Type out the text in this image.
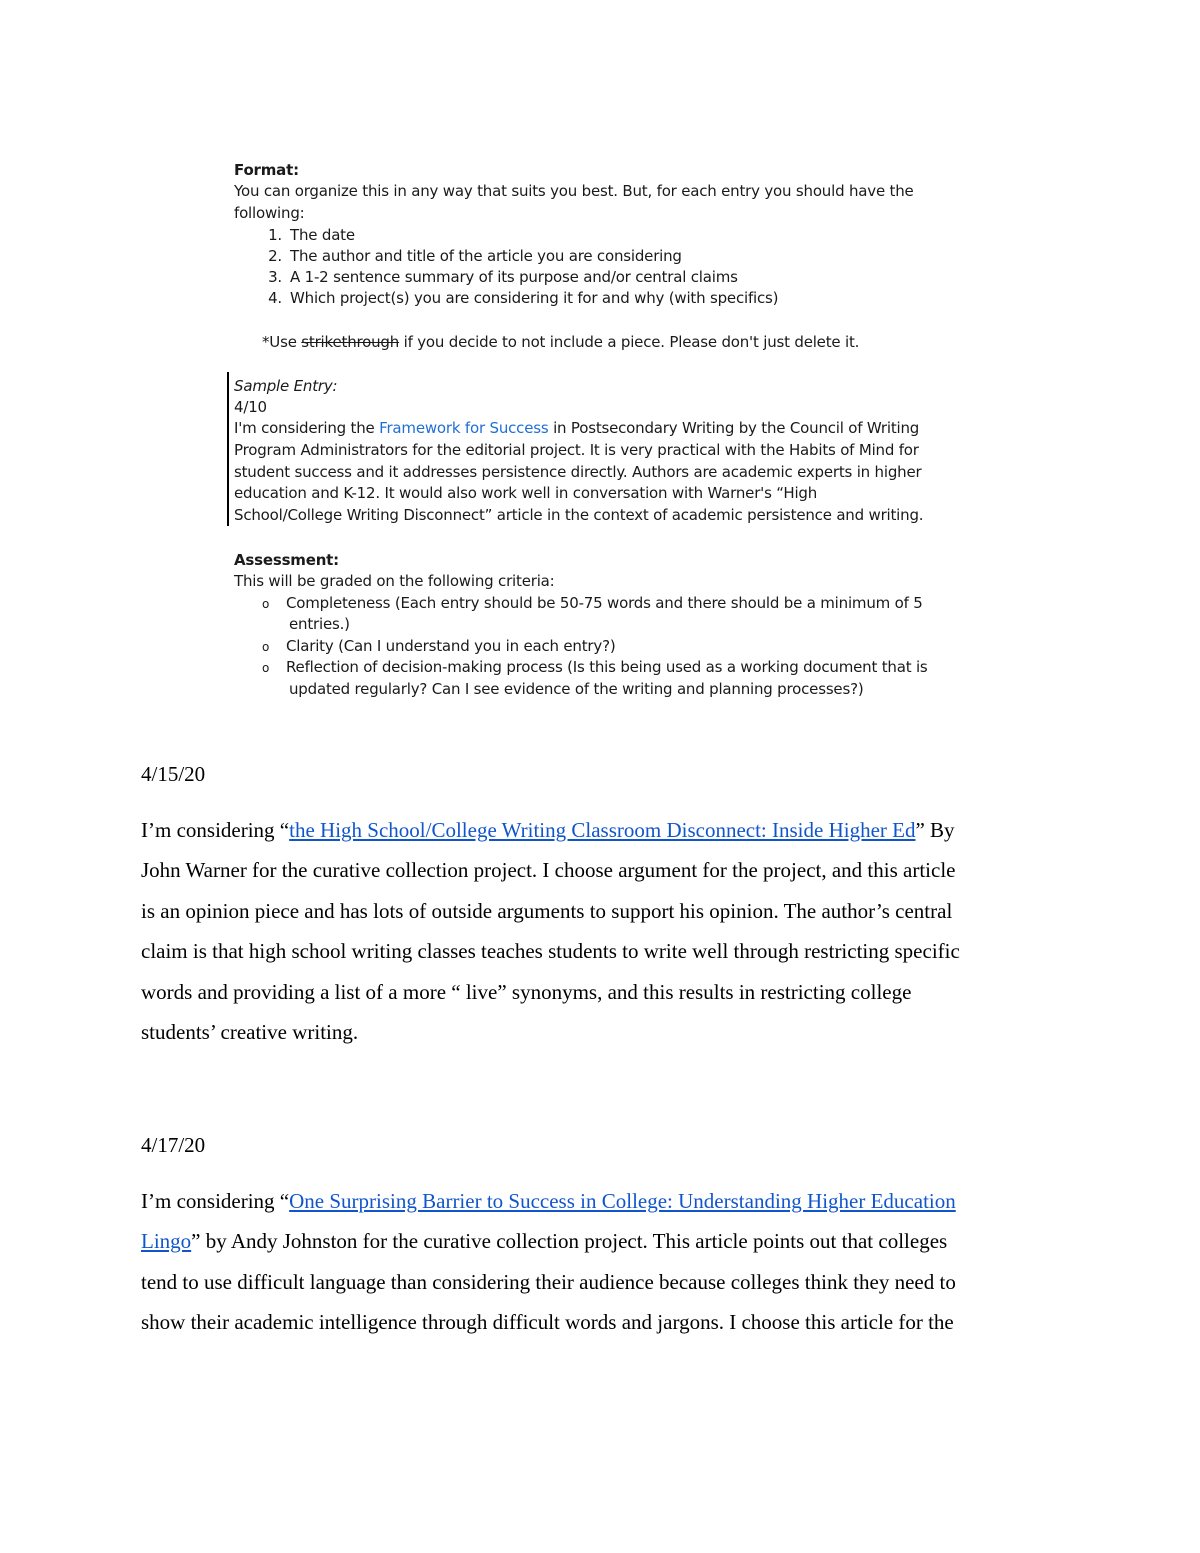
Format:
You can organize this in any way that suits you best. But, for each entry you should have the
following:
1. The date
2. The author and title of the article you are considering
3. A 1-2 sentence summary of its purpose and/or central claims
4. Which project(s) you are considering it for and why (with specifics)
*Use strikethrough if you decide to not include a piece. Please don't just delete it.
Sample Entry:
4/10
I'm considering the Framework for Success in Postsecondary Writing by the Council of Writing
Program Administrators for the editorial project. It is very practical with the Habits of Mind for
student success and it addresses persistence directly. Authors are academic experts in higher
education and K-12. It would also work well in conversation with Warner's “High
School/College Writing Disconnect” article in the context of academic persistence and writing.
Assessment:
This will be graded on the following criteria:
o Completeness (Each entry should be 50-75 words and there should be a minimum of 5
entries.)
o Clarity (Can I understand you in each entry?)
o Reflection of decision-making process (Is this being used as a working document that is
updated regularly? Can I see evidence of the writing and planning processes?)
4/15/20
I’m considering “the High School/College Writing Classroom Disconnect: Inside Higher Ed” By
John Warner for the curative collection project. I choose argument for the project, and this article
is an opinion piece and has lots of outside arguments to support his opinion. The author’s central
claim is that high school writing classes teaches students to write well through restricting specific
words and providing a list of a more “ live” synonyms, and this results in restricting college
students’ creative writing.
4/17/20
I’m considering “One Surprising Barrier to Success in College: Understanding Higher Education
Lingo” by Andy Johnston for the curative collection project. This article points out that colleges
tend to use difficult language than considering their audience because colleges think they need to
show their academic intelligence through difficult words and jargons. I choose this article for the
